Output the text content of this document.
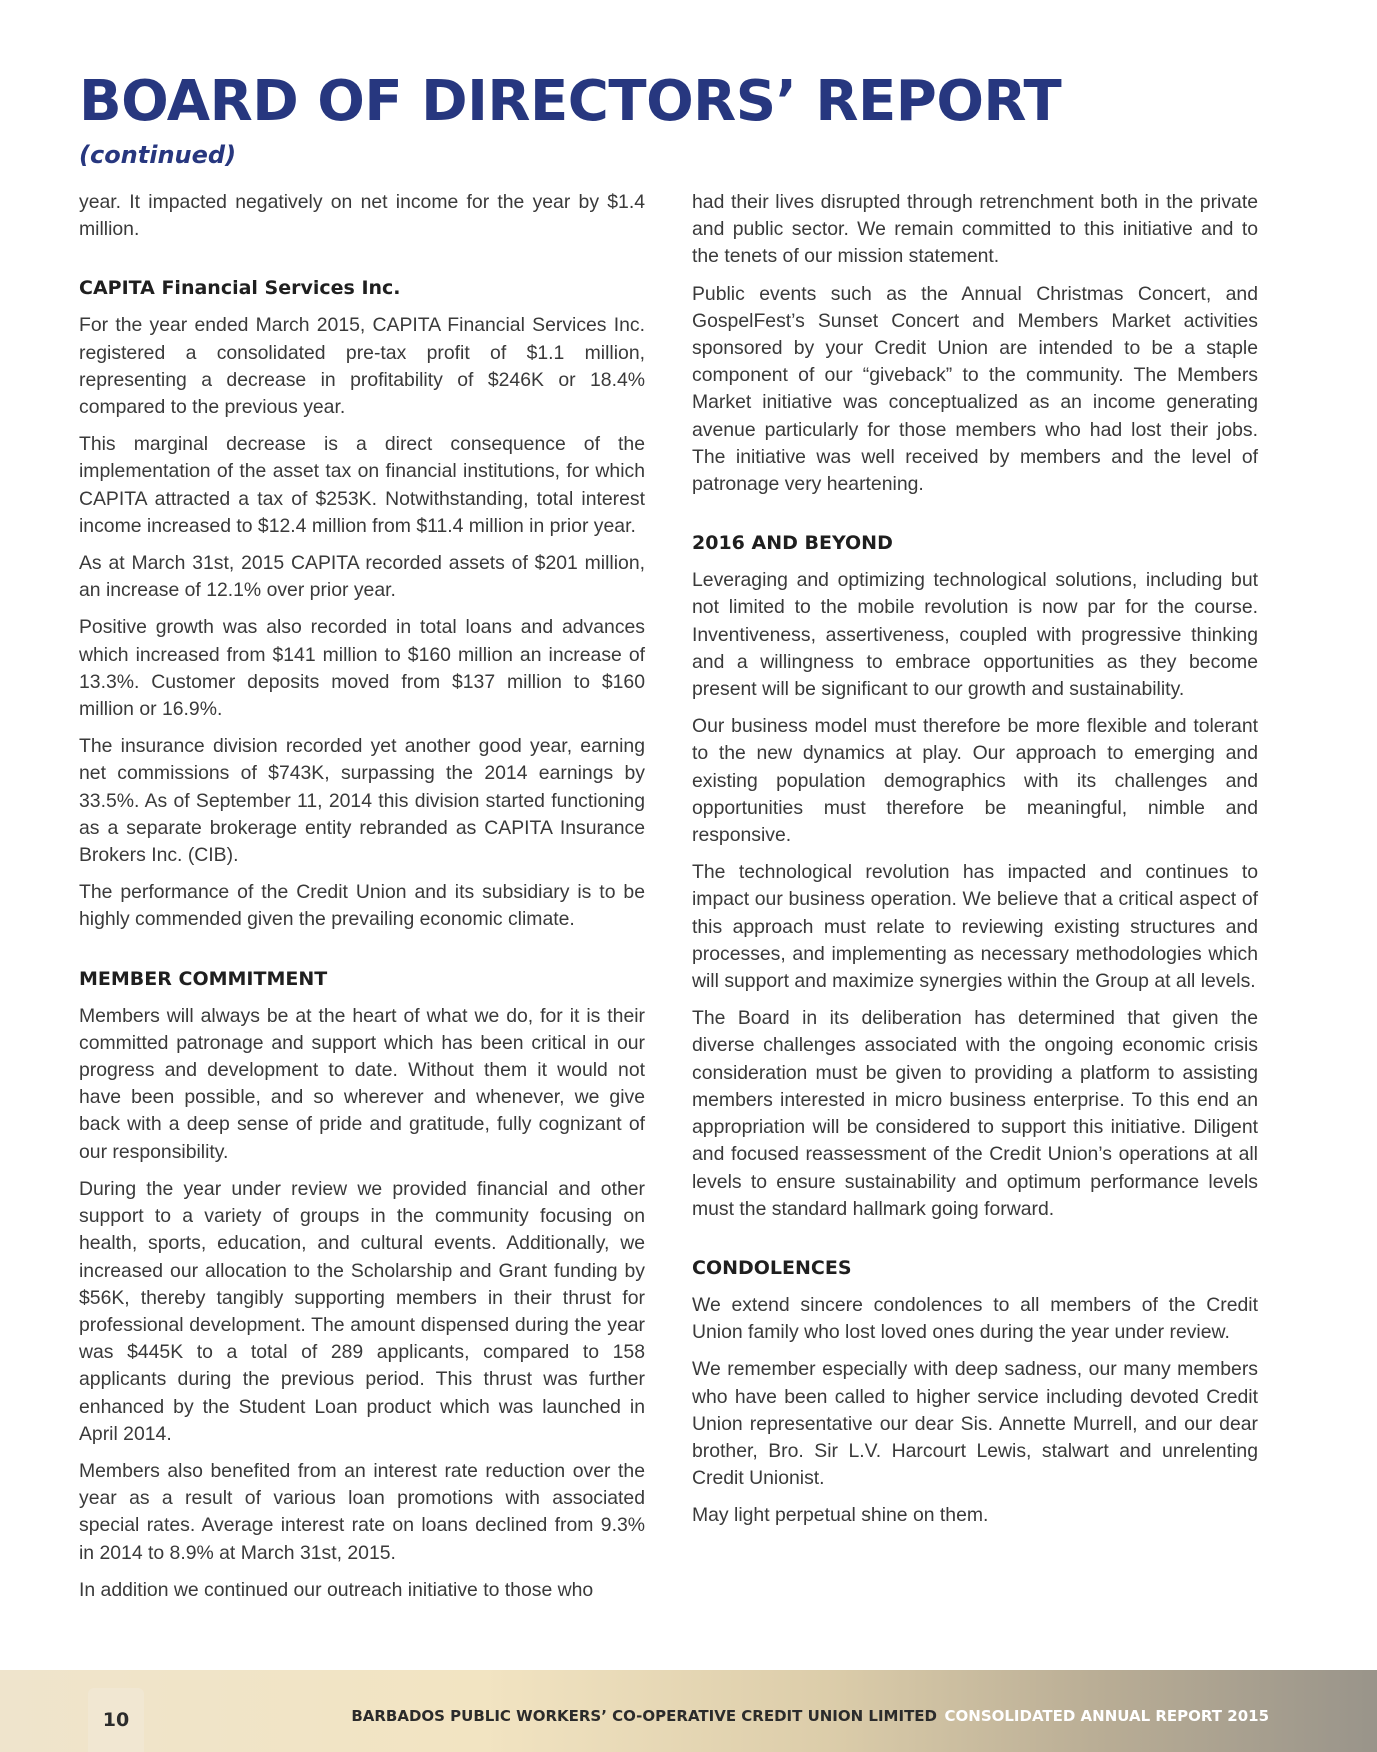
BOARD OF DIRECTORS’ REPORT
(continued)

year. It impacted negatively on net income for the year by $1.4 million.

CAPITA Financial Services Inc.

For the year ended March 2015, CAPITA Financial Services Inc. registered a consolidated pre-tax profit of $1.1 million, representing a decrease in profitability of $246K or 18.4% compared to the previous year.

This marginal decrease is a direct consequence of the implementation of the asset tax on financial institutions, for which CAPITA attracted a tax of $253K. Notwithstanding, total interest income increased to $12.4 million from $11.4 million in prior year.

As at March 31st, 2015 CAPITA recorded assets of $201 million, an increase of 12.1% over prior year.

Positive growth was also recorded in total loans and advances which increased from $141 million to $160 million an increase of 13.3%. Customer deposits moved from $137 million to $160 million or 16.9%.

The insurance division recorded yet another good year, earning net commissions of $743K, surpassing the 2014 earnings by 33.5%. As of September 11, 2014 this division started functioning as a separate brokerage entity rebranded as CAPITA Insurance Brokers Inc. (CIB).

The performance of the Credit Union and its subsidiary is to be highly commended given the prevailing economic climate.

MEMBER COMMITMENT

Members will always be at the heart of what we do, for it is their committed patronage and support which has been critical in our progress and development to date. Without them it would not have been possible, and so wherever and whenever, we give back with a deep sense of pride and gratitude, fully cognizant of our responsibility.

During the year under review we provided financial and other support to a variety of groups in the community focusing on health, sports, education, and cultural events. Additionally, we increased our allocation to the Scholarship and Grant funding by $56K, thereby tangibly supporting members in their thrust for professional development. The amount dispensed during the year was $445K to a total of 289 applicants, compared to 158 applicants during the previous period. This thrust was further enhanced by the Student Loan product which was launched in April 2014.

Members also benefited from an interest rate reduction over the year as a result of various loan promotions with associated special rates. Average interest rate on loans declined from 9.3% in 2014 to 8.9% at March 31st, 2015.

In addition we continued our outreach initiative to those who

had their lives disrupted through retrenchment both in the private and public sector. We remain committed to this initiative and to the tenets of our mission statement.

Public events such as the Annual Christmas Concert, and GospelFest’s Sunset Concert and Members Market activities sponsored by your Credit Union are intended to be a staple component of our “giveback” to the community. The Members Market initiative was conceptualized as an income generating avenue particularly for those members who had lost their jobs. The initiative was well received by members and the level of patronage very heartening.

2016 AND BEYOND

Leveraging and optimizing technological solutions, including but not limited to the mobile revolution is now par for the course. Inventiveness, assertiveness, coupled with progressive thinking and a willingness to embrace opportunities as they become present will be significant to our growth and sustainability.

Our business model must therefore be more flexible and tolerant to the new dynamics at play. Our approach to emerging and existing population demographics with its challenges and opportunities must therefore be meaningful, nimble and responsive.

The technological revolution has impacted and continues to impact our business operation. We believe that a critical aspect of this approach must relate to reviewing existing structures and processes, and implementing as necessary methodologies which will support and maximize synergies within the Group at all levels.

The Board in its deliberation has determined that given the diverse challenges associated with the ongoing economic crisis consideration must be given to providing a platform to assisting members interested in micro business enterprise. To this end an appropriation will be considered to support this initiative. Diligent and focused reassessment of the Credit Union’s operations at all levels to ensure sustainability and optimum performance levels must the standard hallmark going forward.

CONDOLENCES

We extend sincere condolences to all members of the Credit Union family who lost loved ones during the year under review.

We remember especially with deep sadness, our many members who have been called to higher service including devoted Credit Union representative our dear Sis. Annette Murrell, and our dear brother, Bro. Sir L.V. Harcourt Lewis, stalwart and unrelenting Credit Unionist.

May light perpetual shine on them.

10	BARBADOS PUBLIC WORKERS’ CO-OPERATIVE CREDIT UNION LIMITED CONSOLIDATED ANNUAL REPORT 2015
